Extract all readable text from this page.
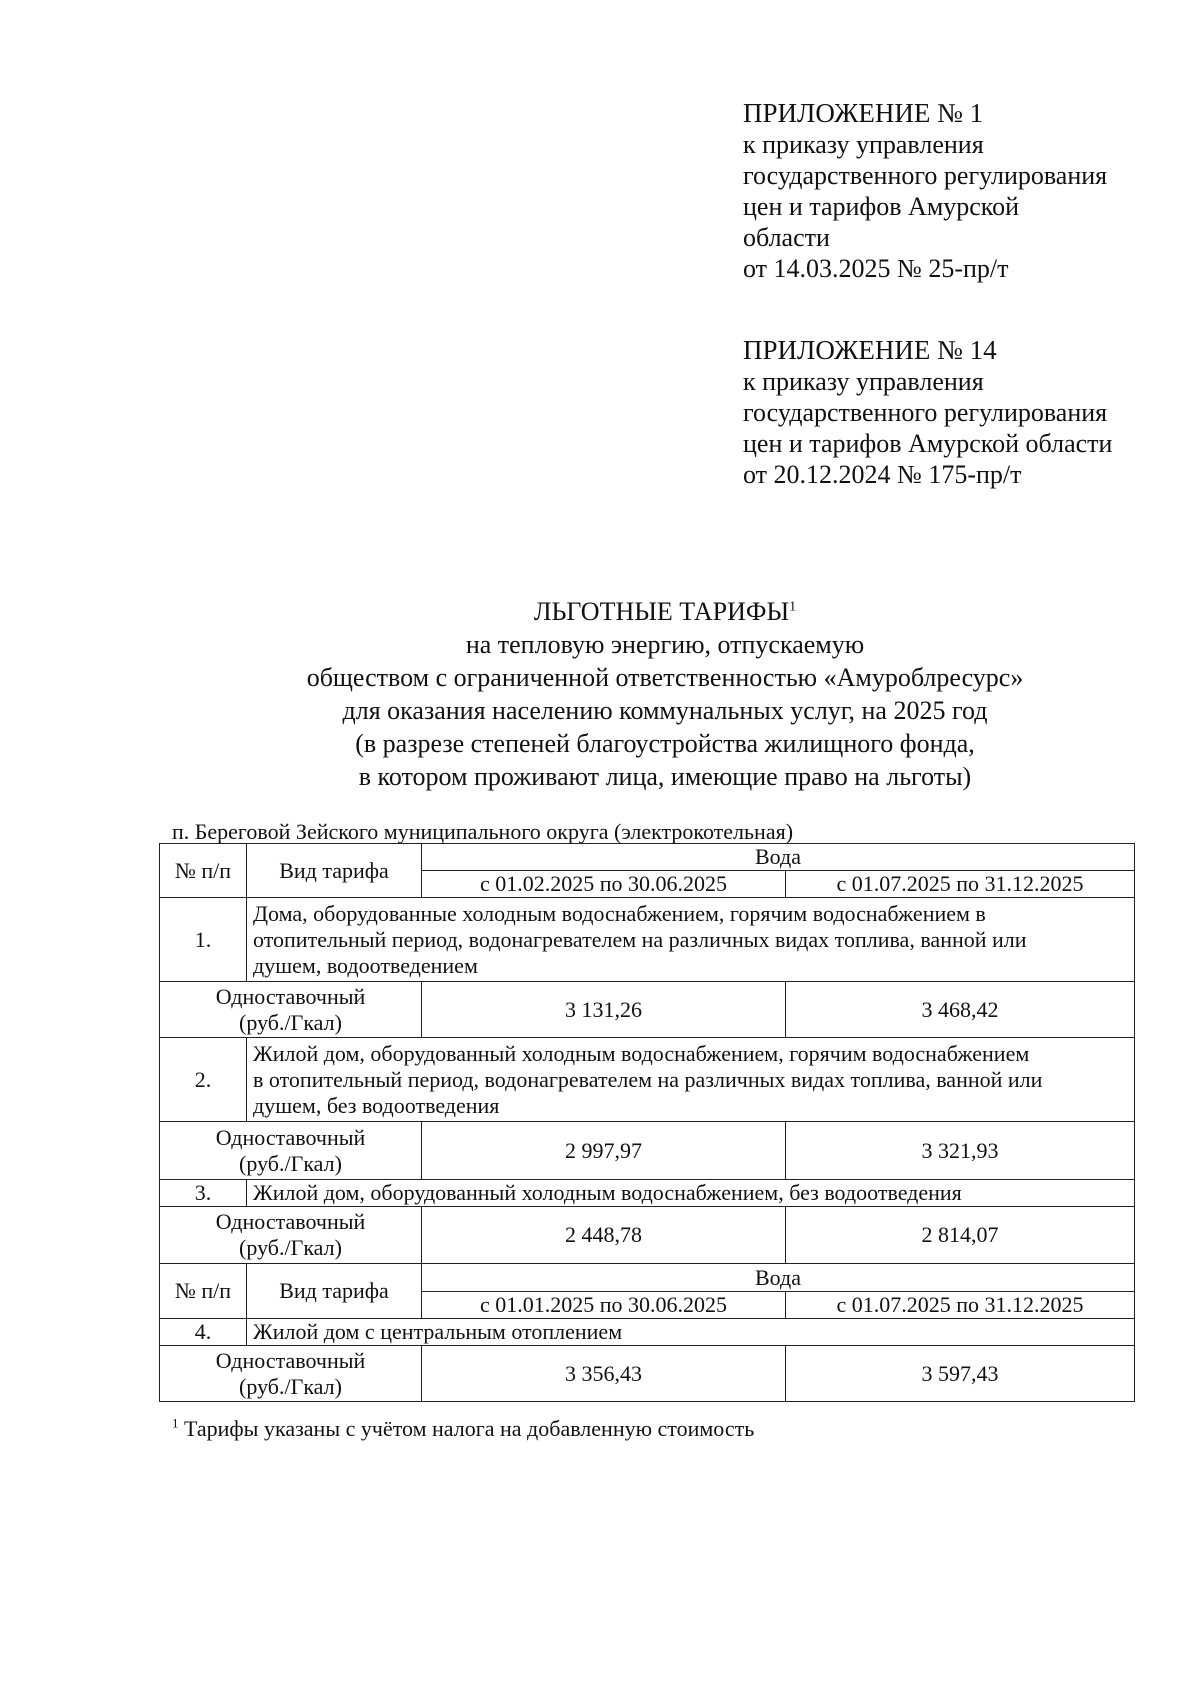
ПРИЛОЖЕНИЕ № 1
к приказу управления
государственного регулирования
цен и тарифов Амурской
области
от 14.03.2025 № 25-пр/т
ПРИЛОЖЕНИЕ № 14
к приказу управления
государственного регулирования
цен и тарифов Амурской области
от 20.12.2024 № 175-пр/т
ЛЬГОТНЫЕ ТАРИФЫ$^1$
на тепловую энергию, отпускаемую
обществом с ограниченной ответственностью «Амуроблресурс»
для оказания населению коммунальных услуг, на 2025 год
(в разрезе степеней благоустройства жилищного фонда,
в котором проживают лица, имеющие право на льготы)
п. Береговой Зейского муниципального округа (электрокотельная)
№ п/п	Вид тарифа	Вода	
		с 01.02.2025 по 30.06.2025	с 01.07.2025 по 31.12.2025
1.	Дома, оборудованные холодным водоснабжением, горячим водоснабжением в
отопительный период, водонагревателем на различных видах топлива, ванной или
душем, водоотведением		

Одноставочный
(руб./Гкал)		3 131,26	3 468,42
2.	Жилой дом, оборудованный холодным водоснабжением, горячим водоснабжением
в отопительный период, водонагревателем на различных видах топлива, ванной или
душем, без водоотведения		

Одноставочный
(руб./Гкал)		2 997,97	3 321,93
3.	Жилой дом, оборудованный холодным водоснабжением, без водоотведения		

Одноставочный
(руб./Гкал)		2 448,78	2 814,07
№ п/п	Вид тарифа	Вода	
		с 01.01.2025 по 30.06.2025	с 01.07.2025 по 31.12.2025
4.	Жилой дом с центральным отоплением		

Одноставочный
(руб./Гкал)		3 356,43	3 597,43
$^1$ Тарифы указаны с учётом налога на добавленную стоимость
